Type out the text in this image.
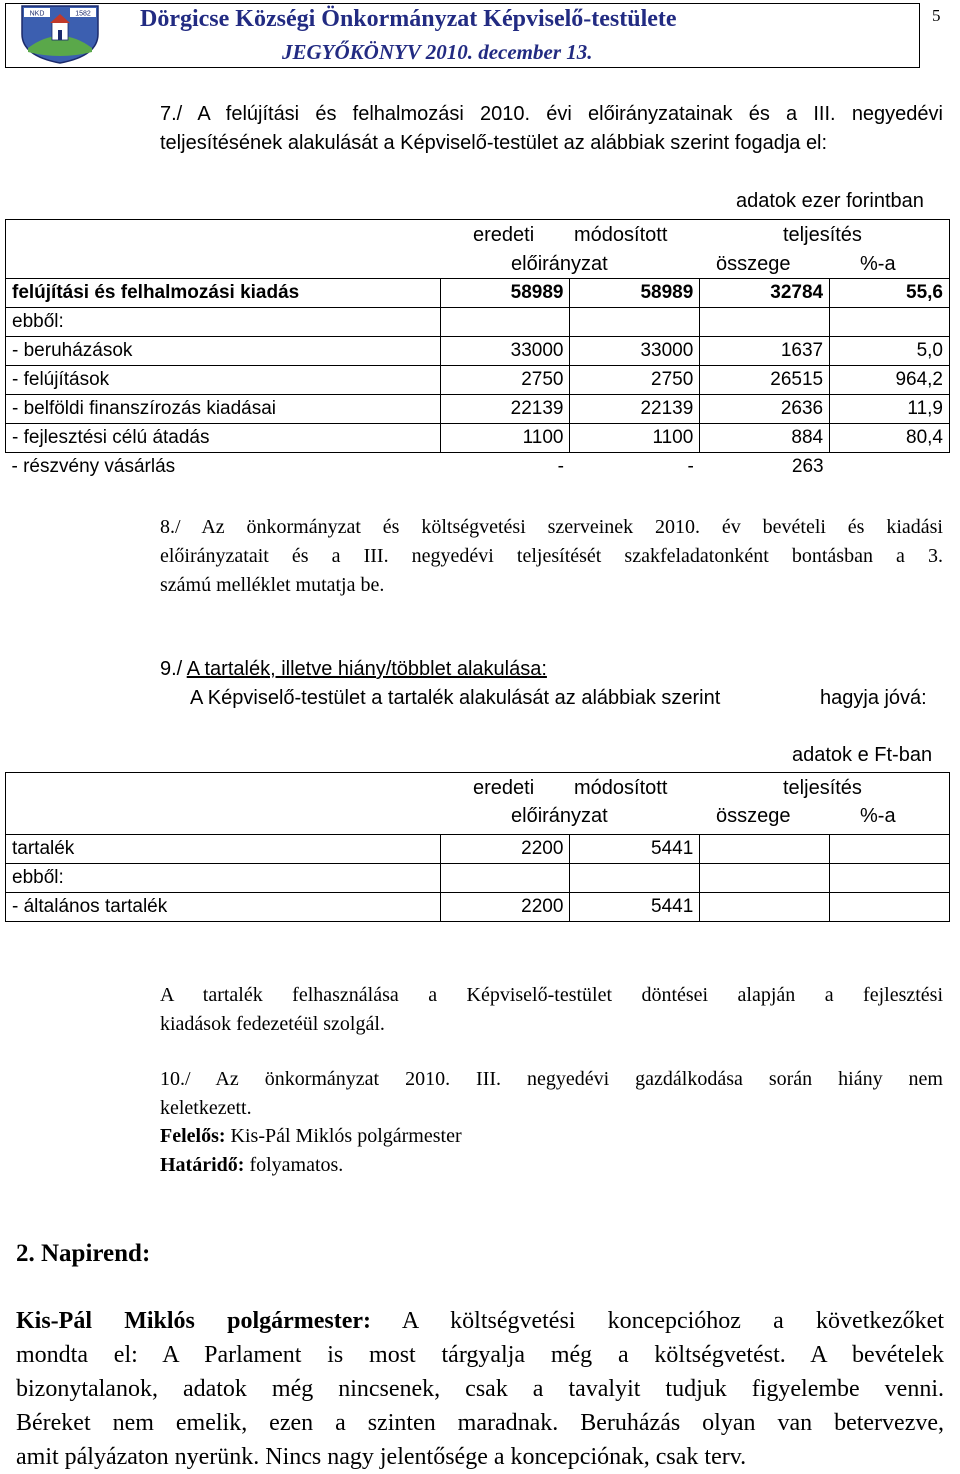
NKD	1582 Dörgicse Községi Önkormányzat Képviselő-testülete
JEGYŐKÖNYV 2010. december 13.
5
7./ A felújítási és felhalmozási 2010. évi előirányzatainak és a III. negyedévi
teljesítésének alakulását a Képviselő-testület az alábbiak szerint fogadja el:
adatok ezer forintban
eredeti módosított
előirányzat
teljesítés
összege	%-a
felújítási és felhalmozási kiadás	58989	58989	32784	55,6
ebből:				
- beruházások	33000	33000	1637	5,0
- felújítások	2750	2750	26515	964,2
- belföldi finanszírozás kiadásai	22139	22139	2636	11,9
- fejlesztési célú átadás	1100	1100	884	80,4
- részvény vásárlás	-	-	263	
8./ Az önkormányzat és költségvetési szerveinek 2010. év bevételi és kiadási
előirányzatait és a III. negyedévi teljesítését szakfeladatonként bontásban a 3.
számú melléklet mutatja be.
9./ A tartalék, illetve hiány/többlet alakulása:
A Képviselő-testület a tartalék alakulását az alábbiak szerint	hagyja jóvá:
adatok e Ft-ban
eredeti módosított
előirányzat
teljesítés
összege	%-a
tartalék	2200	5441		
ebből:				
- általános tartalék	2200	5441		
A tartalék felhasználása a Képviselő-testület döntései alapján a fejlesztési
kiadások fedezetéül szolgál.
10./ Az önkormányzat 2010. III. negyedévi gazdálkodása során hiány nem
keletkezett.
Felelős: Kis-Pál Miklós polgármester
Határidő: folyamatos.
2. Napirend:
Kis-Pál Miklós polgármester: A költségvetési koncepcióhoz a következőket
mondta el: A Parlament is most tárgyalja még a költségvetést. A bevételek
bizonytalanok, adatok még nincsenek, csak a tavalyit tudjuk figyelembe venni.
Béreket nem emelik, ezen a szinten maradnak. Beruházás olyan van betervezve,
amit pályázaton nyerünk. Nincs nagy jelentősége a koncepciónak, csak terv.
